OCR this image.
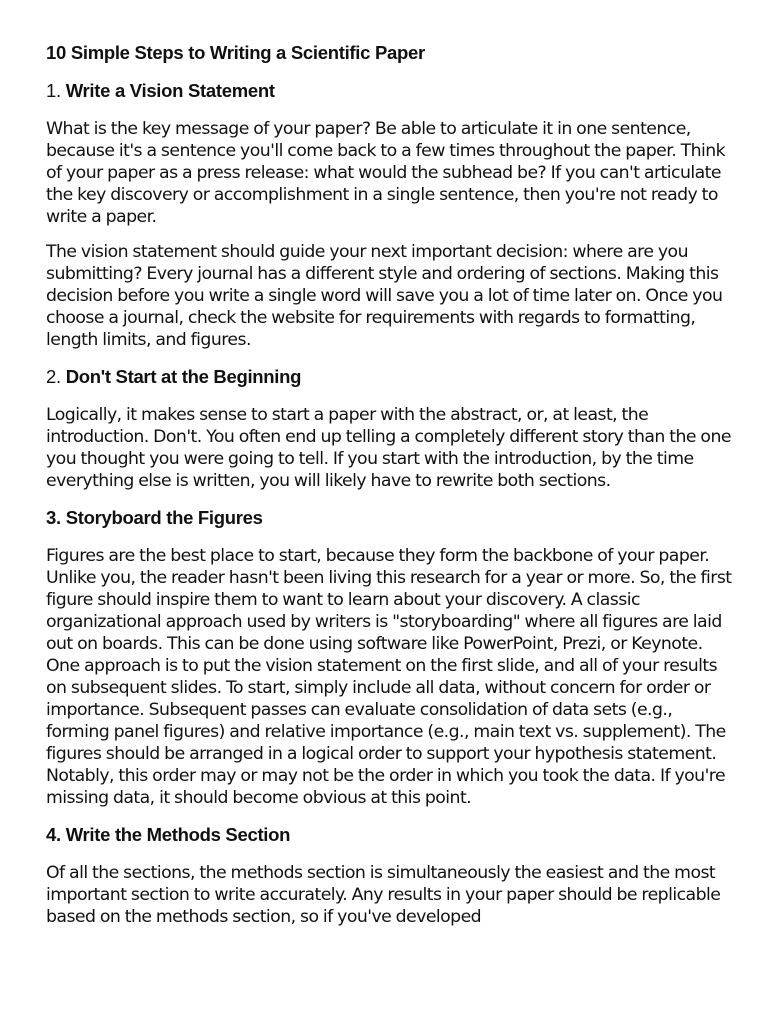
10 Simple Steps to Writing a Scientific Paper
1. Write a Vision Statement

What is the key message of your paper? Be able to articulate it in one sentence, because it's a sentence you'll come back to a few times throughout the paper. Think of your paper as a press release: what would the subhead be? If you can't articulate the key discovery or accomplishment in a single sentence, then you're not ready to write a paper.

The vision statement should guide your next important decision: where are you submitting? Every journal has a different style and ordering of sections. Making this decision before you write a single word will save you a lot of time later on. Once you choose a journal, check the website for requirements with regards to formatting, length limits, and figures.

2. Don't Start at the Beginning

Logically, it makes sense to start a paper with the abstract, or, at least, the introduction. Don't. You often end up telling a completely different story than the one you thought you were going to tell. If you start with the introduction, by the time everything else is written, you will likely have to rewrite both sections.

3. Storyboard the Figures

Figures are the best place to start, because they form the backbone of your paper. Unlike you, the reader hasn't been living this research for a year or more. So, the first figure should inspire them to want to learn about your discovery. A classic organizational approach used by writers is "storyboarding" where all figures are laid out on boards. This can be done using software like PowerPoint, Prezi, or Keynote. One approach is to put the vision statement on the first slide, and all of your results on subsequent slides. To start, simply include all data, without concern for order or importance. Subsequent passes can evaluate consolidation of data sets (e.g., forming panel figures) and relative importance (e.g., main text vs. supplement). The figures should be arranged in a logical order to support your hypothesis statement. Notably, this order may or may not be the order in which you took the data. If you're missing data, it should become obvious at this point.

4. Write the Methods Section

Of all the sections, the methods section is simultaneously the easiest and the most important section to write accurately. Any results in your paper should be replicable based on the methods section, so if you've developed
